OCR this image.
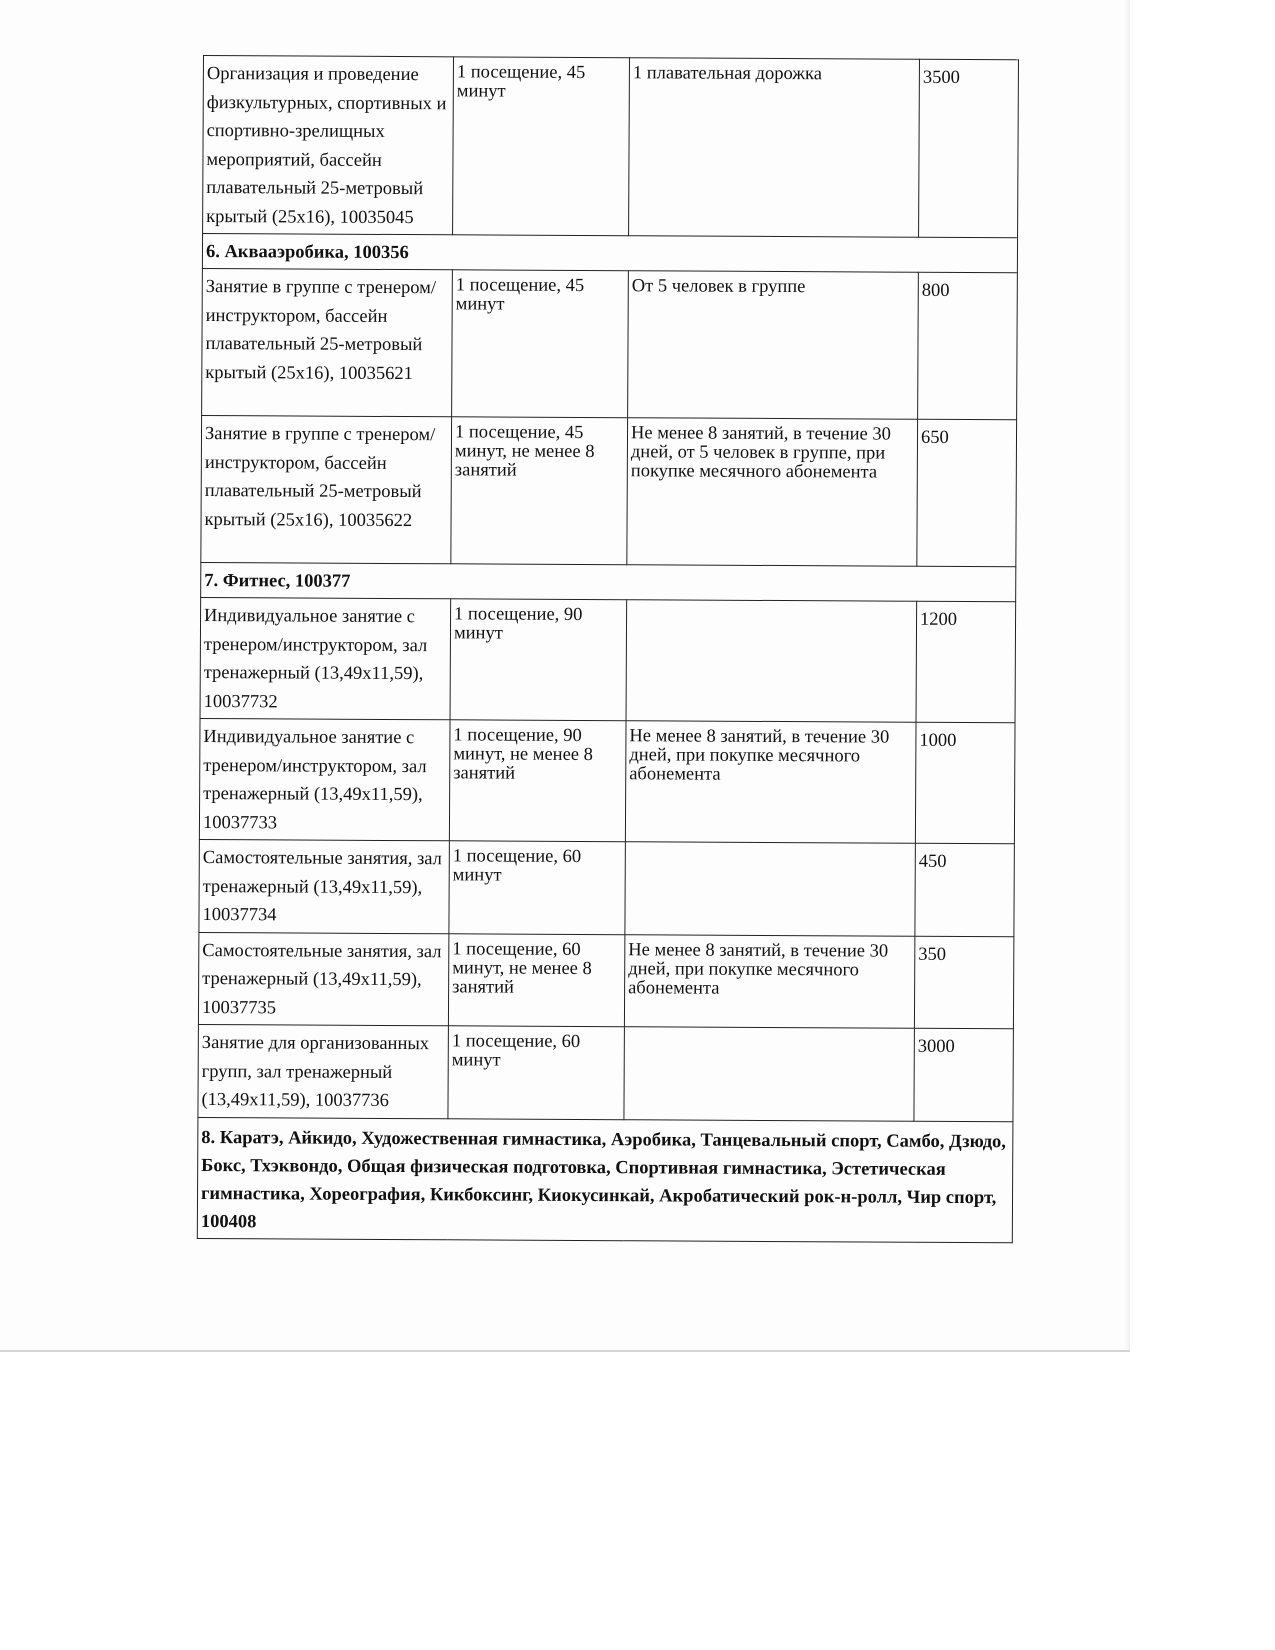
Организация и проведение физкультурных, спортивных и спортивно-зрелищных мероприятий, бассейн плавательный 25-метровый крытый (25х16), 10035045	1 посещение, 45 минут	1 плавательная дорожка	3500
6. Аквааэробика, 100356			
Занятие в группе с тренером/инструктором, бассейн плавательный 25-метровый крытый (25х16), 10035621	1 посещение, 45 минут	От 5 человек в группе	800
Занятие в группе с тренером/инструктором, бассейн плавательный 25-метровый крытый (25х16), 10035622	1 посещение, 45 минут, не менее 8 занятий	Не менее 8 занятий, в течение 30 дней, от 5 человек в группе, при покупке месячного абонемента	650
7. Фитнес, 100377			
Индивидуальное занятие с тренером/инструктором, зал тренажерный (13,49х11,59), 10037732	1 посещение, 90 минут		1200
Индивидуальное занятие с тренером/инструктором, зал тренажерный (13,49х11,59), 10037733	1 посещение, 90 минут, не менее 8 занятий	Не менее 8 занятий, в течение 30 дней, при покупке месячного абонемента	1000
Самостоятельные занятия, зал тренажерный (13,49х11,59), 10037734	1 посещение, 60 минут		450
Самостоятельные занятия, зал тренажерный (13,49х11,59), 10037735	1 посещение, 60 минут, не менее 8 занятий	Не менее 8 занятий, в течение 30 дней, при покупке месячного абонемента	350
Занятие для организованных групп, зал тренажерный (13,49х11,59), 10037736	1 посещение, 60 минут		3000
8. Каратэ, Айкидо, Художественная гимнастика, Аэробика, Танцевальный спорт, Самбо, Дзюдо, Бокс, Тхэквондо, Общая физическая подготовка, Спортивная гимнастика, Эстетическая гимнастика, Хореография, Кикбоксинг, Киокусинкай, Акробатический рок-н-ролл, Чир спорт, 100408			
